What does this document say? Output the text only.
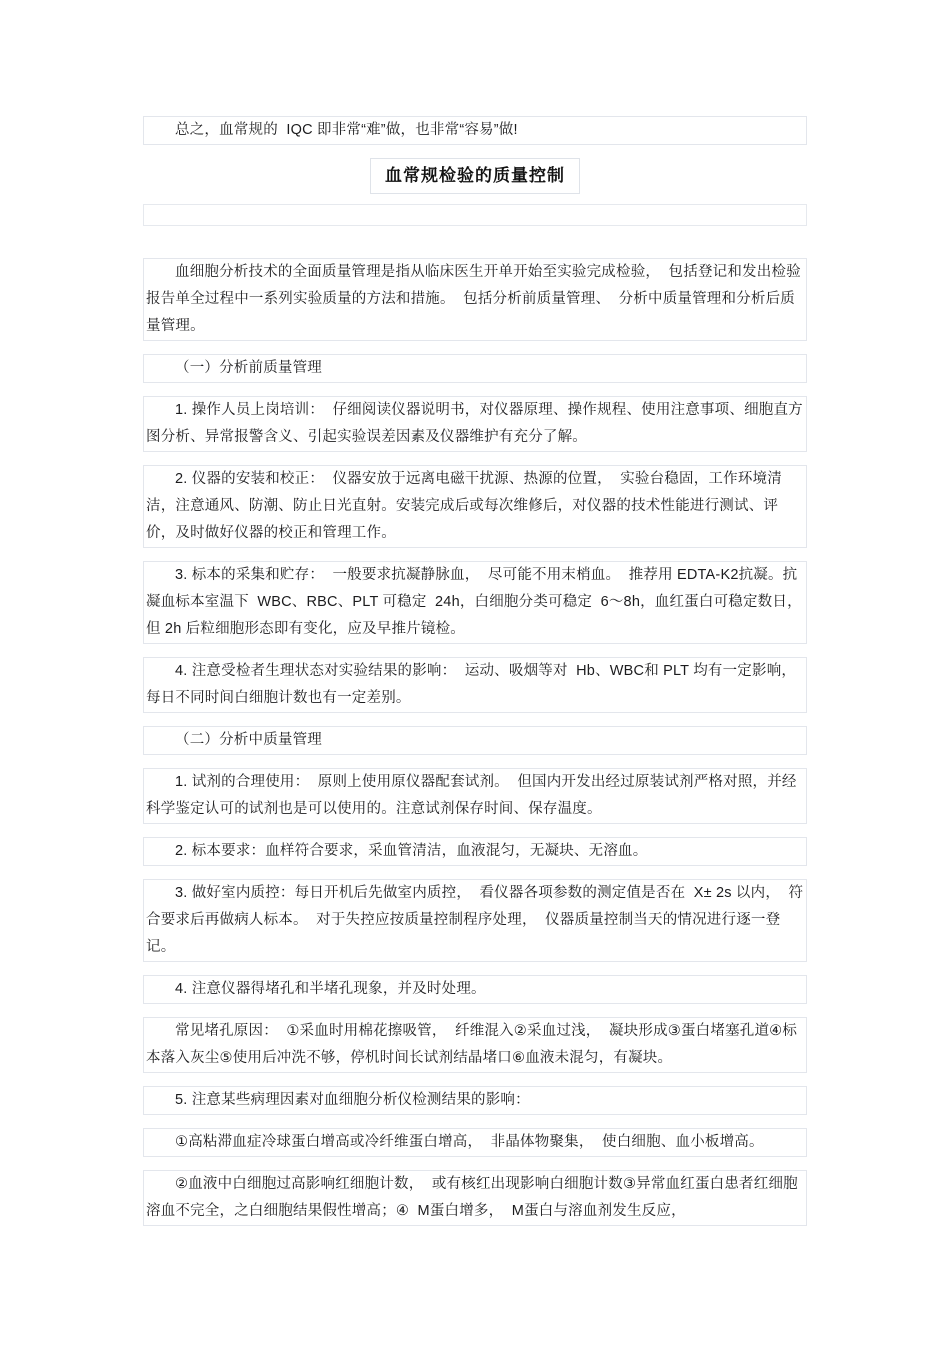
总之，血常规的  IQC 即非常“难”做，也非常“容易”做!

血常规检验的质量控制

血细胞分析技术的全面质量管理是指从临床医生开单开始至实验完成检验，  包括登记和发出检验报告单全过程中一系列实验质量的方法和措施。  包括分析前质量管理、  分析中质量管理和分析后质量管理。

（一）分析前质量管理

1. 操作人员上岗培训：  仔细阅读仪器说明书，对仪器原理、操作规程、使用注意事项、细胞直方图分析、异常报警含义、引起实验误差因素及仪器维护有充分了解。

2. 仪器的安装和校正：  仪器安放于远离电磁干扰源、热源的位置，  实验台稳固，工作环境清洁，注意通风、防潮、防止日光直射。安装完成后或每次维修后，对仪器的技术性能进行测试、评价，及时做好仪器的校正和管理工作。

3. 标本的采集和贮存：  一般要求抗凝静脉血，  尽可能不用末梢血。  推荐用 EDTA-K2抗凝。抗凝血标本室温下  WBC、RBC、PLT 可稳定  24h，白细胞分类可稳定  6～8h，血红蛋白可稳定数日，但 2h 后粒细胞形态即有变化，应及早推片镜检。

4. 注意受检者生理状态对实验结果的影响：  运动、吸烟等对  Hb、WBC和 PLT 均有一定影响，每日不同时间白细胞计数也有一定差别。

（二）分析中质量管理

1. 试剂的合理使用：  原则上使用原仪器配套试剂。  但国内开发出经过原装试剂严格对照，并经科学鉴定认可的试剂也是可以使用的。注意试剂保存时间、保存温度。

2. 标本要求：血样符合要求，采血管清洁，血液混匀，无凝块、无溶血。

3. 做好室内质控：每日开机后先做室内质控，  看仪器各项参数的测定值是否在  X± 2s 以内，  符合要求后再做病人标本。  对于失控应按质量控制程序处理，  仪器质量控制当天的情况进行逐一登记。

4. 注意仪器得堵孔和半堵孔现象，并及时处理。

常见堵孔原因：  ①采血时用棉花擦吸管，  纤维混入②采血过浅，  凝块形成③蛋白堵塞孔道④标本落入灰尘⑤使用后冲洗不够，停机时间长试剂结晶堵口⑥血液未混匀，有凝块。

5. 注意某些病理因素对血细胞分析仪检测结果的影响：

①高粘滞血症冷球蛋白增高或冷纤维蛋白增高，  非晶体物聚集，  使白细胞、血小板增高。

②血液中白细胞过高影响红细胞计数，  或有核红出现影响白细胞计数③异常血红蛋白患者红细胞溶血不完全，之白细胞结果假性增高；④  M蛋白增多，  M蛋白与溶血剂发生反应，
